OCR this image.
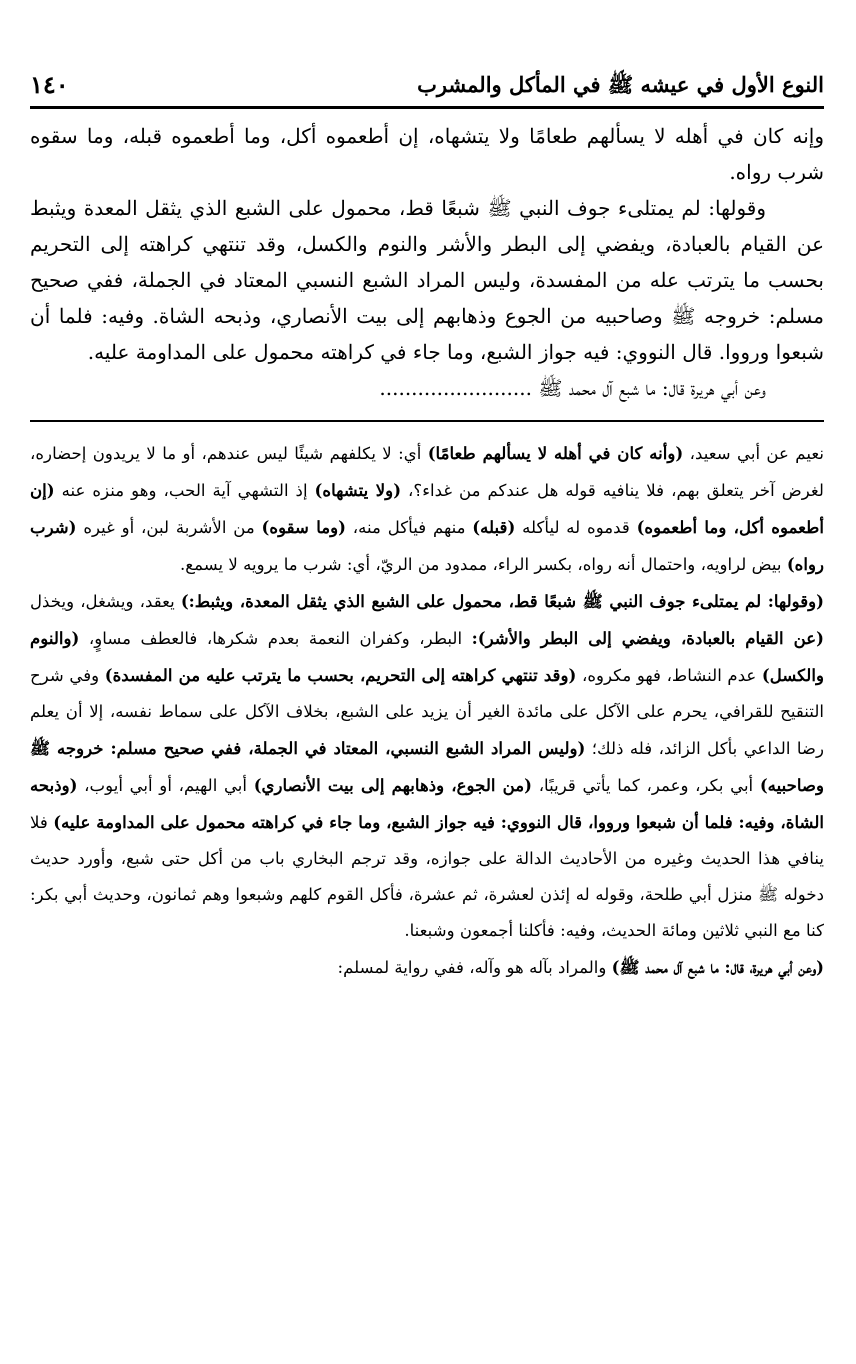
النوع الأول في عيشه ﷺ في المأكل والمشرب
١٤٠

وإنه كان في أهله لا يسألهم طعامًا ولا يتشهاه، إن أطعموه أكل، وما أطعموه قبله، وما سقوه شرب رواه.

وقولها: لم يمتلىء جوف النبي ﷺ شبعًا قط، محمول على الشبع الذي يثقل المعدة ويثبط عن القيام بالعبادة، ويفضي إلى البطر والأشر والنوم والكسل، وقد تنتهي كراهته إلى التحريم بحسب ما يترتب عله من المفسدة، وليس المراد الشبع النسبي المعتاد في الجملة، ففي صحيح مسلم: خروجه ﷺ وصاحبيه من الجوع وذهابهم إلى بيت الأنصاري، وذبحه الشاة. وفيه: فلما أن شبعوا ورووا. قال النووي: فيه جواز الشبع، وما جاء في كراهته محمول على المداومة عليه.

وعن أبي هريرة قال: ما شبع آل محمد ﷺ ........................

نعيم عن أبي سعيد، (وأنه كان في أهله لا يسألهم طعامًا) أي: لا يكلفهم شيئًا ليس عندهم، أو ما لا يريدون إحضاره، لغرض آخر يتعلق بهم، فلا ينافيه قوله هل عندكم من غداء؟، (ولا يتشهاه) إذ التشهي آية الحب، وهو منزه عنه (إن أطعموه أكل، وما أطعموه) قدموه له ليأكله (قبله) منهم فيأكل منه، (وما سقوه) من الأشربة لبن، أو غيره (شرب رواه) بيض لراويه، واحتمال أنه رواه، بكسر الراء، ممدود من الريّ، أي: شرب ما يرويه لا يسمع.

(وقولها: لم يمتلىء جوف النبي ﷺ شبعًا قط، محمول على الشبع الذي يثقل المعدة، ويثبط:) يعقد، ويشغل، ويخذل (عن القيام بالعبادة، ويفضي إلى البطر والأشر): البطر، وكفران النعمة بعدم شكرها، فالعطف مساوٍ، (والنوم والكسل) عدم النشاط، فهو مكروه، (وقد تنتهي كراهته إلى التحريم، بحسب ما يترتب عليه من المفسدة) وفي شرح التنقيح للقرافي، يحرم على الآكل على مائدة الغير أن يزيد على الشبع، بخلاف الآكل على سماط نفسه، إلا أن يعلم رضا الداعي بأكل الزائد، فله ذلك؛ (وليس المراد الشبع النسبي، المعتاد في الجملة، ففي صحيح مسلم: خروجه ﷺ وصاحبيه) أبي بكر، وعمر، كما يأتي قريبًا، (من الجوع، وذهابهم إلى بيت الأنصاري) أبي الهيم، أو أبي أيوب، (وذبحه الشاة، وفيه: فلما أن شبعوا ورووا، قال النووي: فيه جواز الشبع، وما جاء في كراهته محمول على المداومة عليه) فلا ينافي هذا الحديث وغيره من الأحاديث الدالة على جوازه، وقد ترجم البخاري باب من أكل حتى شبع، وأورد حديث دخوله ﷺ منزل أبي طلحة، وقوله له إئذن لعشرة، ثم عشرة، فأكل القوم كلهم وشبعوا وهم ثمانون، وحديث أبي بكر: كنا مع النبي ثلاثين ومائة الحديث، وفيه: فأكلنا أجمعون وشبعنا.

(وعن أبي هريرة، قال: ما شبع آل محمد ﷺ) والمراد بآله هو وآله، ففي رواية لمسلم:
